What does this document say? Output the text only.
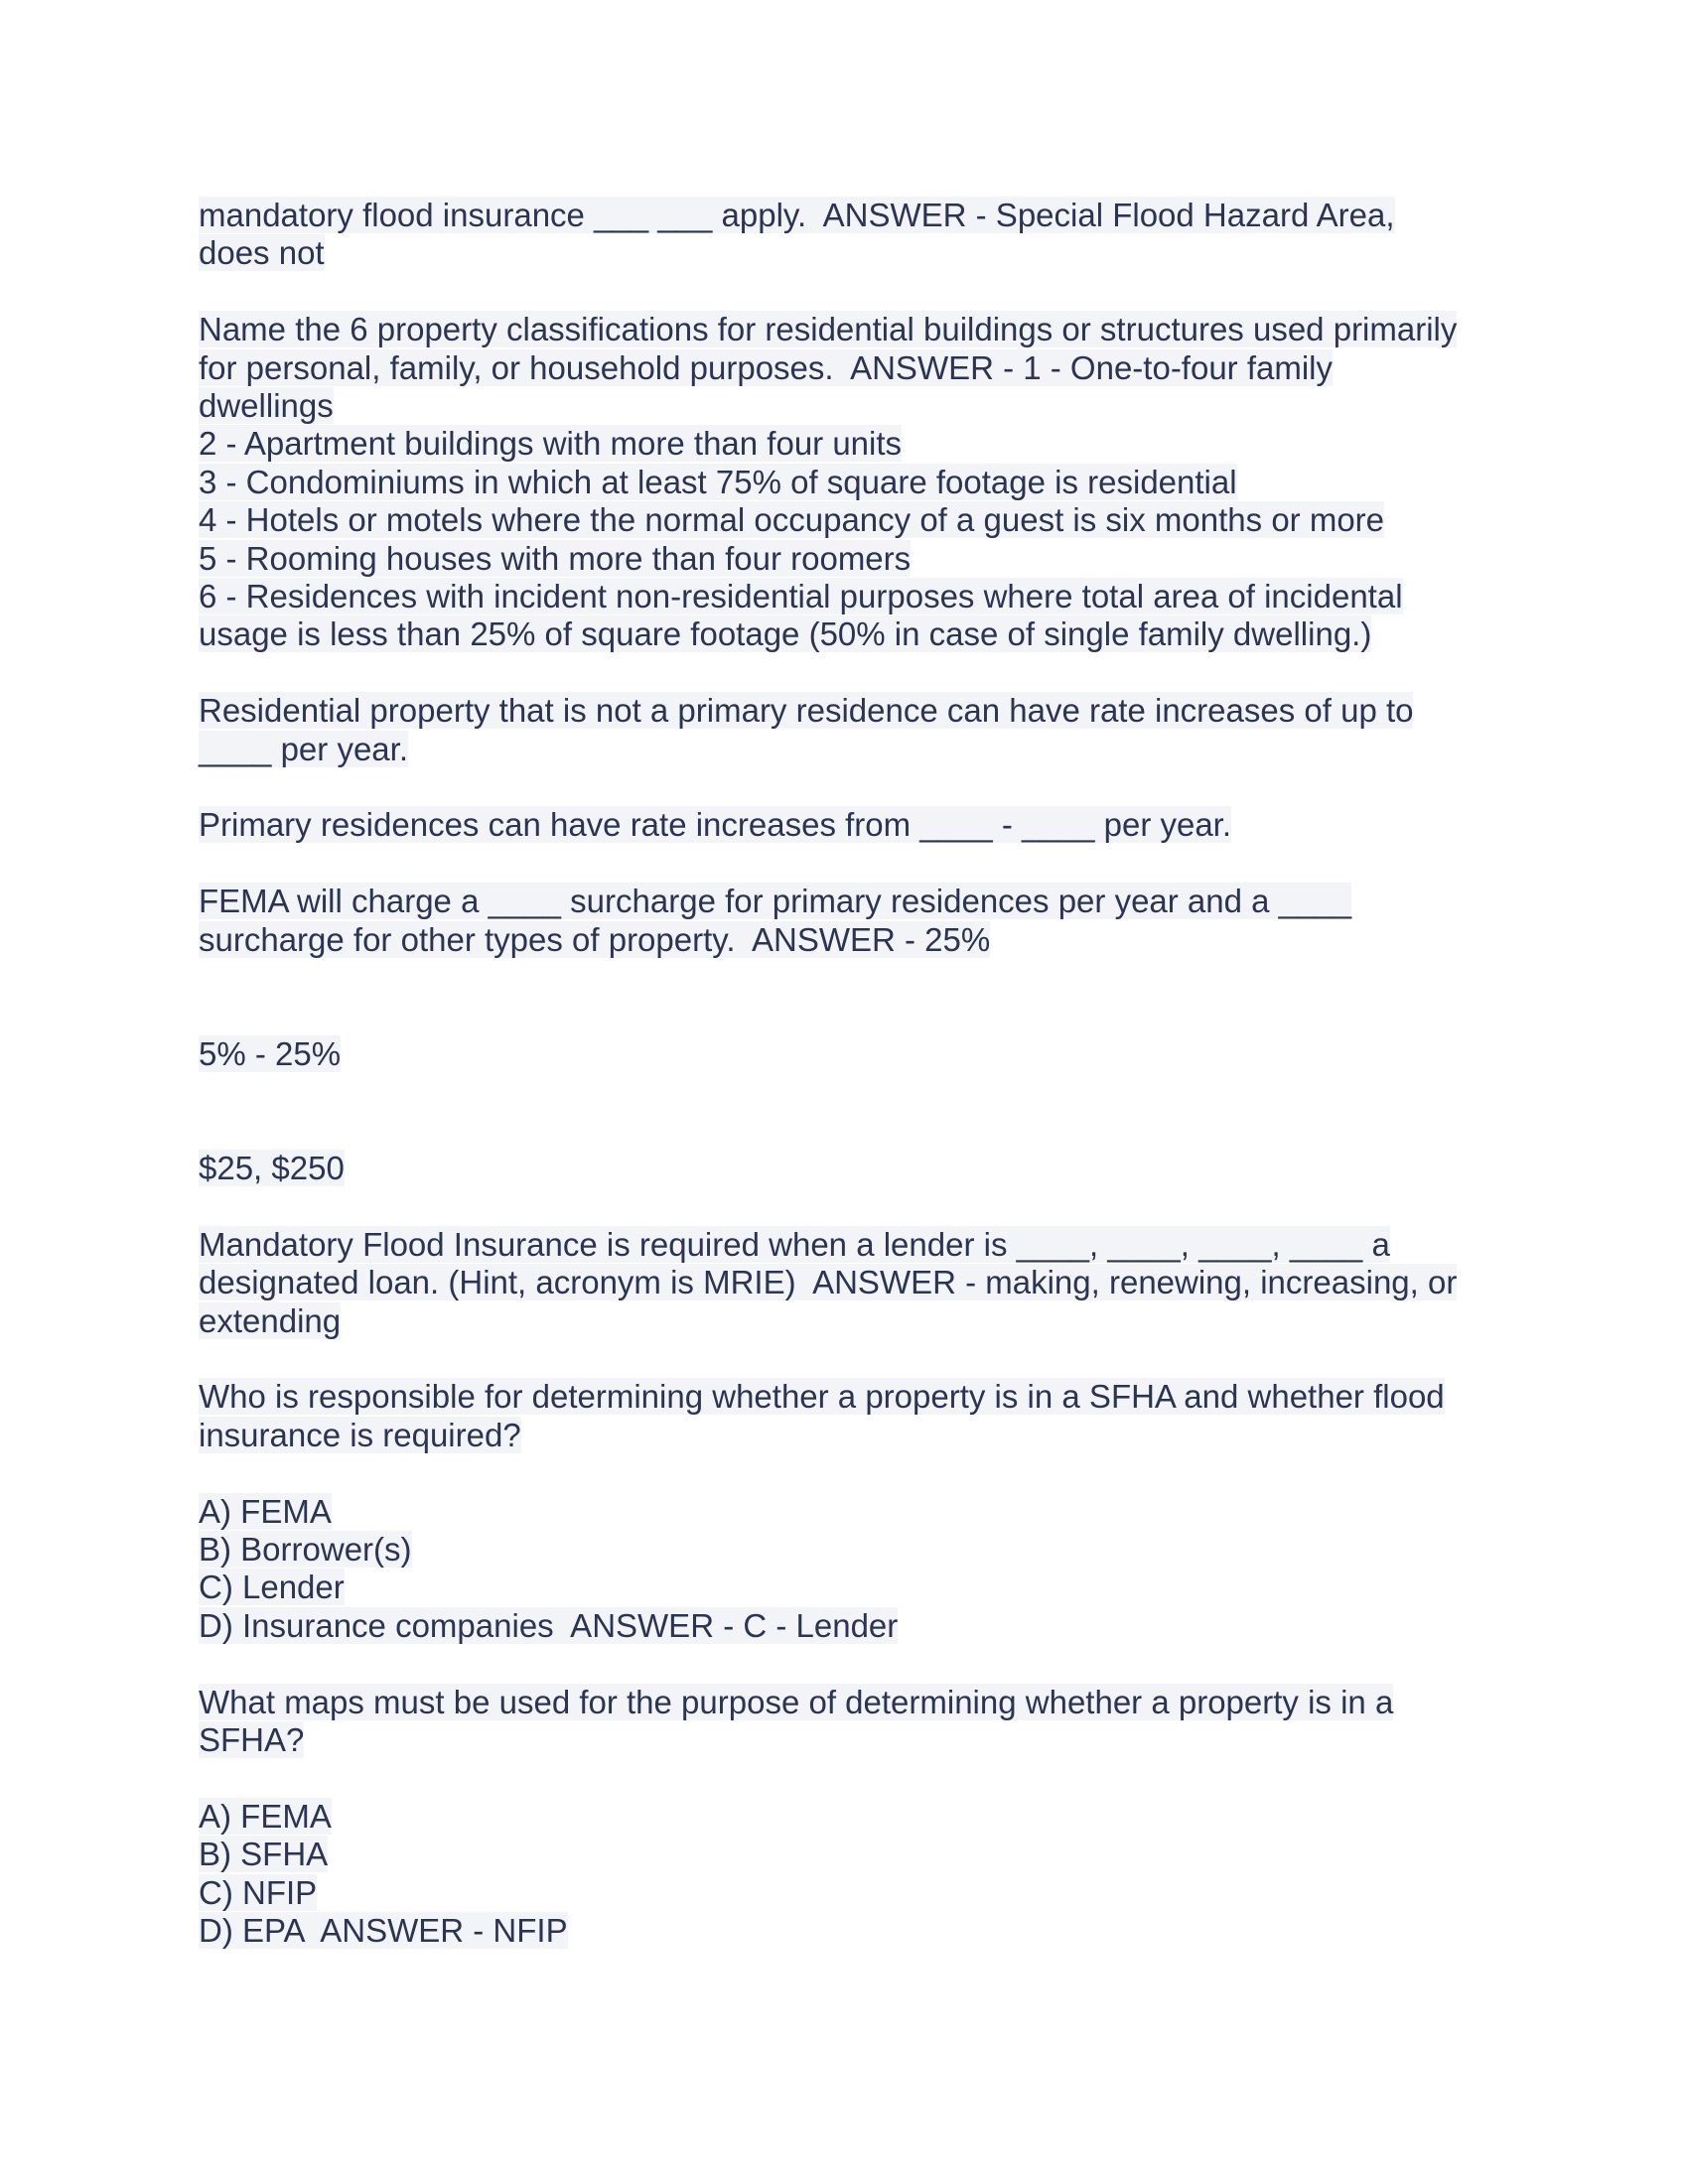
mandatory flood insurance ___ ___ apply.  ANSWER - Special Flood Hazard Area,
does not
Name the 6 property classifications for residential buildings or structures used primarily
for personal, family, or household purposes.  ANSWER - 1 - One-to-four family
dwellings
2 - Apartment buildings with more than four units
3 - Condominiums in which at least 75% of square footage is residential
4 - Hotels or motels where the normal occupancy of a guest is six months or more
5 - Rooming houses with more than four roomers
6 - Residences with incident non-residential purposes where total area of incidental
usage is less than 25% of square footage (50% in case of single family dwelling.)
Residential property that is not a primary residence can have rate increases of up to
____ per year.
Primary residences can have rate increases from ____ - ____ per year.
FEMA will charge a ____ surcharge for primary residences per year and a ____
surcharge for other types of property.  ANSWER - 25%
5% - 25%
$25, $250
Mandatory Flood Insurance is required when a lender is ____, ____, ____, ____ a
designated loan. (Hint, acronym is MRIE)  ANSWER - making, renewing, increasing, or
extending
Who is responsible for determining whether a property is in a SFHA and whether flood
insurance is required?
A) FEMA
B) Borrower(s)
C) Lender
D) Insurance companies  ANSWER - C - Lender
What maps must be used for the purpose of determining whether a property is in a
SFHA?
A) FEMA
B) SFHA
C) NFIP
D) EPA  ANSWER - NFIP
